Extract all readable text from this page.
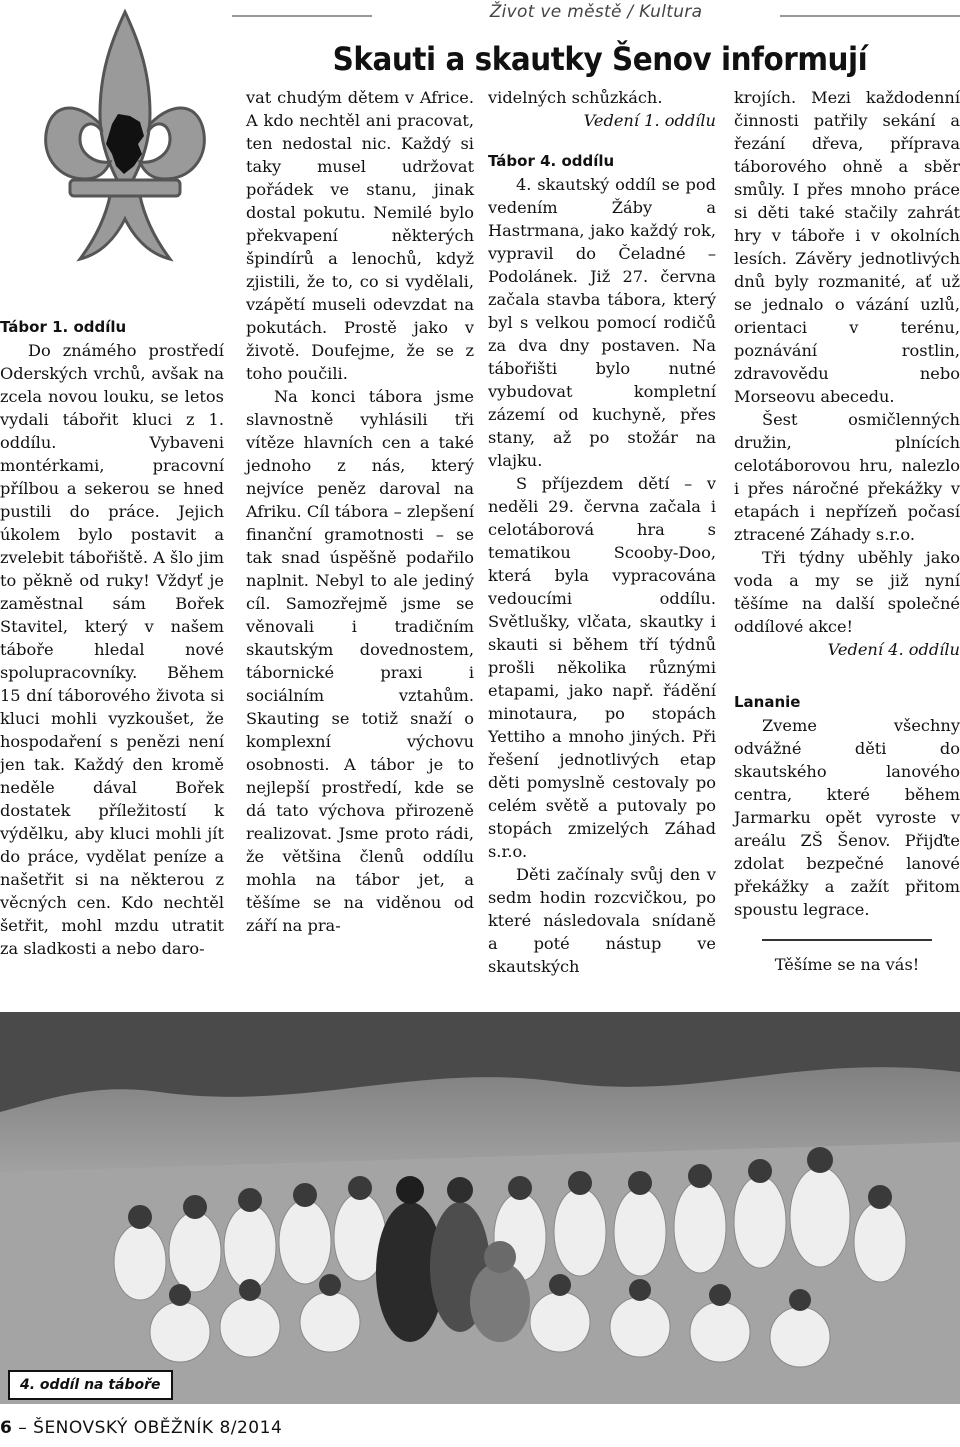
Život ve městě / Kultura
Skauti a skautky Šenov informují

Tábor 1. oddílu

Do známého prostředí Oderských vrchů, avšak na zcela novou louku, se letos vydali tábořit kluci z 1. oddílu. Vybaveni montérkami, pracovní přílbou a sekerou se hned pustili do práce. Jejich úkolem bylo postavit a zvelebit tábořiště. A šlo jim to pěkně od ruky! Vždyť je zaměstnal sám Bořek Stavitel, který v našem táboře hledal nové spolupracovníky. Během 15 dní táborového života si kluci mohli vyzkoušet, že hospodaření s penězi není jen tak. Každý den kromě neděle dával Bořek dostatek příležitostí k výdělku, aby kluci mohli jít do práce, vydělat peníze a našetřit si na některou z věcných cen. Kdo nechtěl šetřit, mohl mzdu utratit za sladkosti a nebo daro-

vat chudým dětem v Africe. A kdo nechtěl ani pracovat, ten nedostal nic. Každý si taky musel udržovat pořádek ve stanu, jinak dostal pokutu. Nemilé bylo překvapení některých špindírů a lenochů, když zjistili, že to, co si vydělali, vzápětí museli odevzdat na pokutách. Prostě jako v životě. Doufejme, že se z toho poučili.

Na konci tábora jsme slavnostně vyhlásili tři vítěze hlavních cen a také jednoho z nás, který nejvíce peněz daroval na Afriku. Cíl tábora – zlepšení finanční gramotnosti – se tak snad úspěšně podařilo naplnit. Nebyl to ale jediný cíl. Samozřejmě jsme se věnovali i tradičním skautským dovednostem, tábornické praxi i sociálním vztahům. Skauting se totiž snaží o komplexní výchovu osobnosti. A tábor je to nejlepší prostředí, kde se dá tato výchova přirozeně realizovat. Jsme proto rádi, že většina členů oddílu mohla na tábor jet, a těšíme se na viděnou od září na pra-

videlných schůzkách.

Vedení 1. oddílu

Tábor 4. oddílu

4. skautský oddíl se pod vedením Žáby a Hastrmana, jako každý rok, vypravil do Čeladné – Podolánek. Již 27. června začala stavba tábora, který byl s velkou pomocí rodičů za dva dny postaven. Na tábořišti bylo nutné vybudovat kompletní zázemí od kuchyně, přes stany, až po stožár na vlajku.

S příjezdem dětí – v neděli 29. června začala i celotáborová hra s tematikou Scooby-Doo, která byla vypracována vedoucími oddílu. Světlušky, vlčata, skautky i skauti si během tří týdnů prošli několika různými etapami, jako např. řádění minotaura, po stopách Yettiho a mnoho jiných. Při řešení jednotlivých etap děti pomyslně cestovaly po celém světě a putovaly po stopách zmizelých Záhad s.r.o.

Děti začínaly svůj den v sedm hodin rozcvičkou, po které následovala snídaně a poté nástup ve skautských

krojích. Mezi každodenní činnosti patřily sekání a řezání dřeva, příprava táborového ohně a sběr smůly. I přes mnoho práce si děti také stačily zahrát hry v táboře i v okolních lesích. Závěry jednotlivých dnů byly rozmanité, ať už se jednalo o vázání uzlů, orientaci v terénu, poznávání rostlin, zdravovědu nebo Morseovu abecedu.

Šest osmičlenných družin, plnících celotáborovou hru, nalezlo i přes náročné překážky v etapách i nepřízeň počasí ztracené Záhady s.r.o.

Tři týdny uběhly jako voda a my se již nyní těšíme na další společné oddílové akce!

Vedení 4. oddílu

Lananie

Zveme všechny odvážné děti do skautského lanového centra, které během Jarmarku opět vyroste v areálu ZŠ Šenov. Přijďte zdolat bezpečné lanové překážky a zažít přitom spoustu legrace.

Těšíme se na vás!

4. oddíl na táboře
6 – ŠENOVSKÝ OBĚŽNÍK 8/2014
